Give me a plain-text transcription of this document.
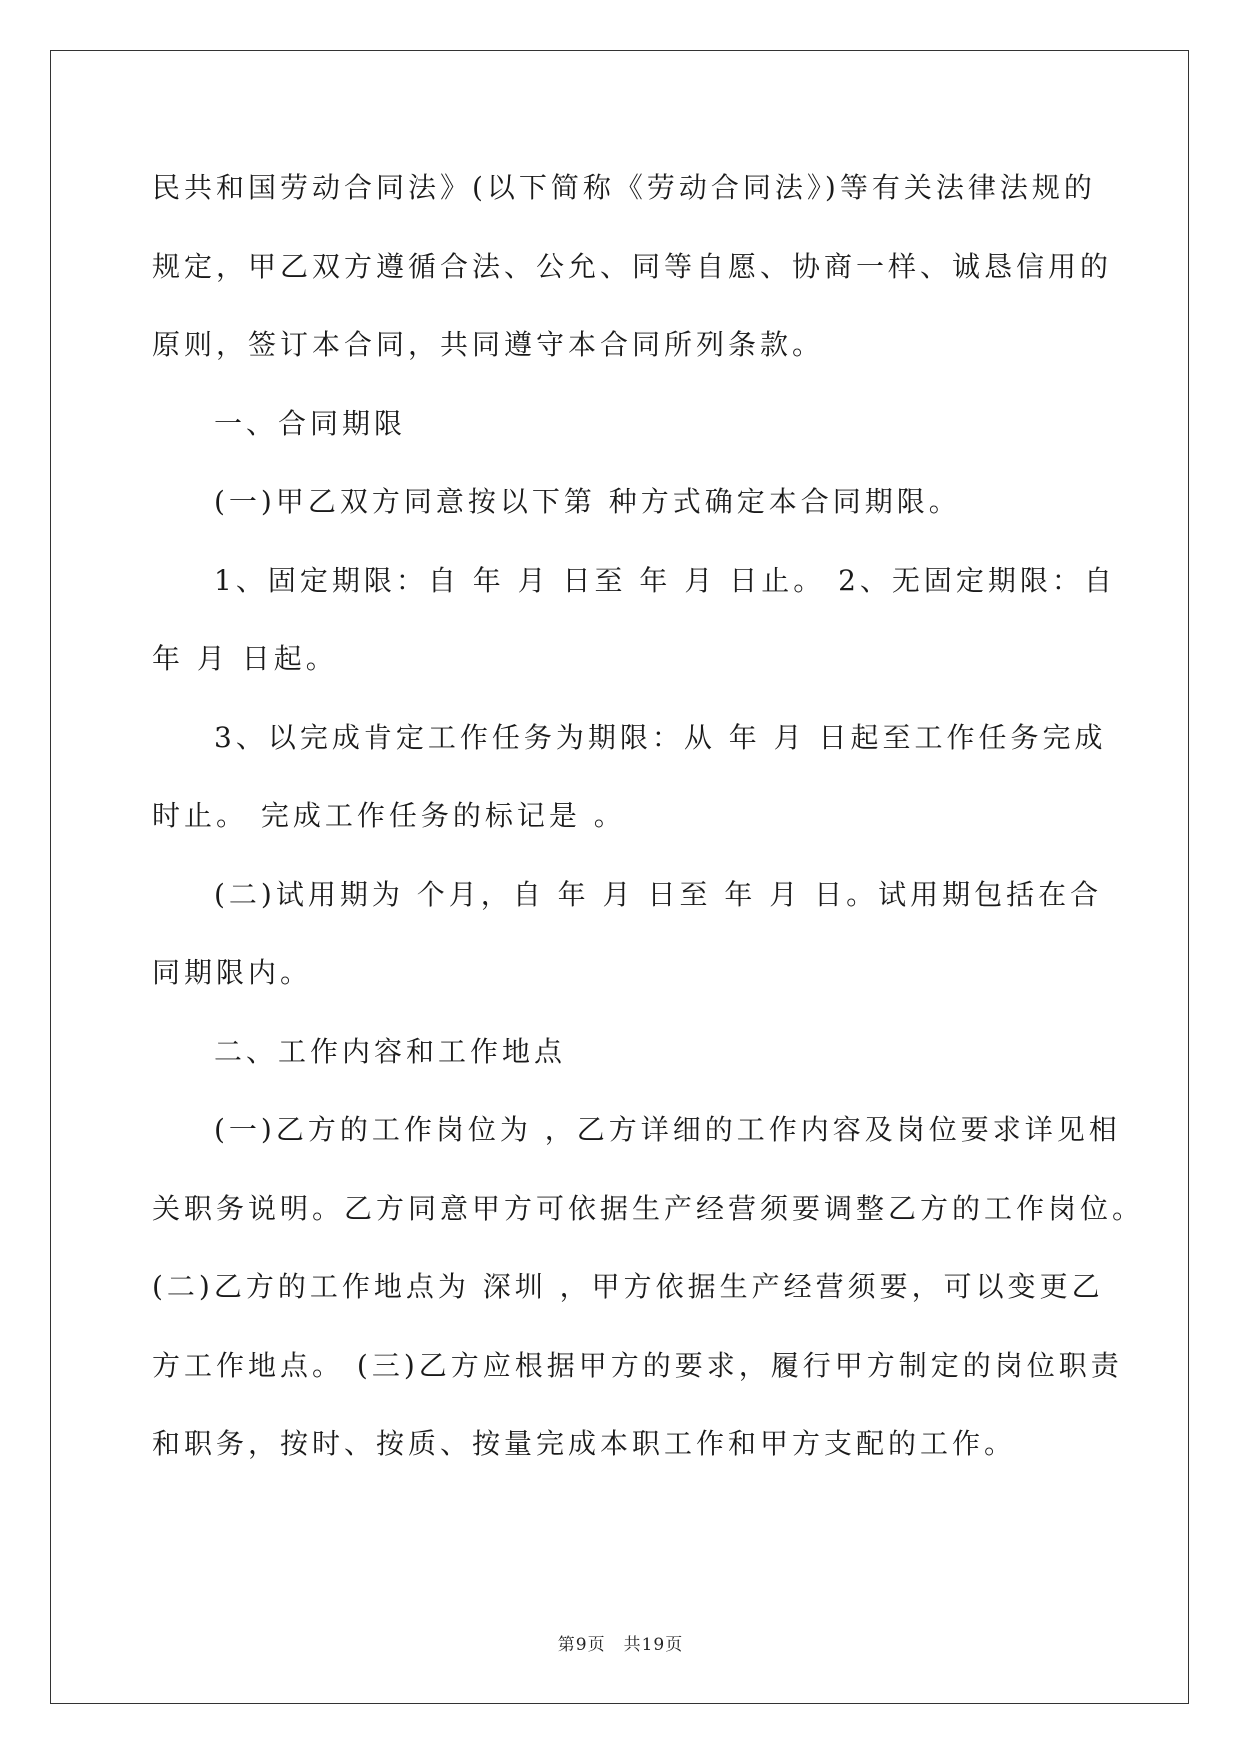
民共和国劳动合同法》(以下简称《劳动合同法》)等有关法律法规的
规定，甲乙双方遵循合法、公允、同等自愿、协商一样、诚恳信用的
原则，签订本合同，共同遵守本合同所列条款。
一、合同期限
(一)甲乙双方同意按以下第 种方式确定本合同期限。
1、固定期限：自 年 月 日至 年 月 日止。 2、无固定期限：自
年 月 日起。
3、以完成肯定工作任务为期限：从 年 月 日起至工作任务完成
时止。 完成工作任务的标记是 。
(二)试用期为 个月，自 年 月 日至 年 月 日。试用期包括在合
同期限内。
二、工作内容和工作地点
(一)乙方的工作岗位为 ，乙方详细的工作内容及岗位要求详见相
关职务说明。乙方同意甲方可依据生产经营须要调整乙方的工作岗位。
(二)乙方的工作地点为 深圳 ，甲方依据生产经营须要，可以变更乙
方工作地点。 (三)乙方应根据甲方的要求，履行甲方制定的岗位职责
和职务，按时、按质、按量完成本职工作和甲方支配的工作。
第9页　共19页
